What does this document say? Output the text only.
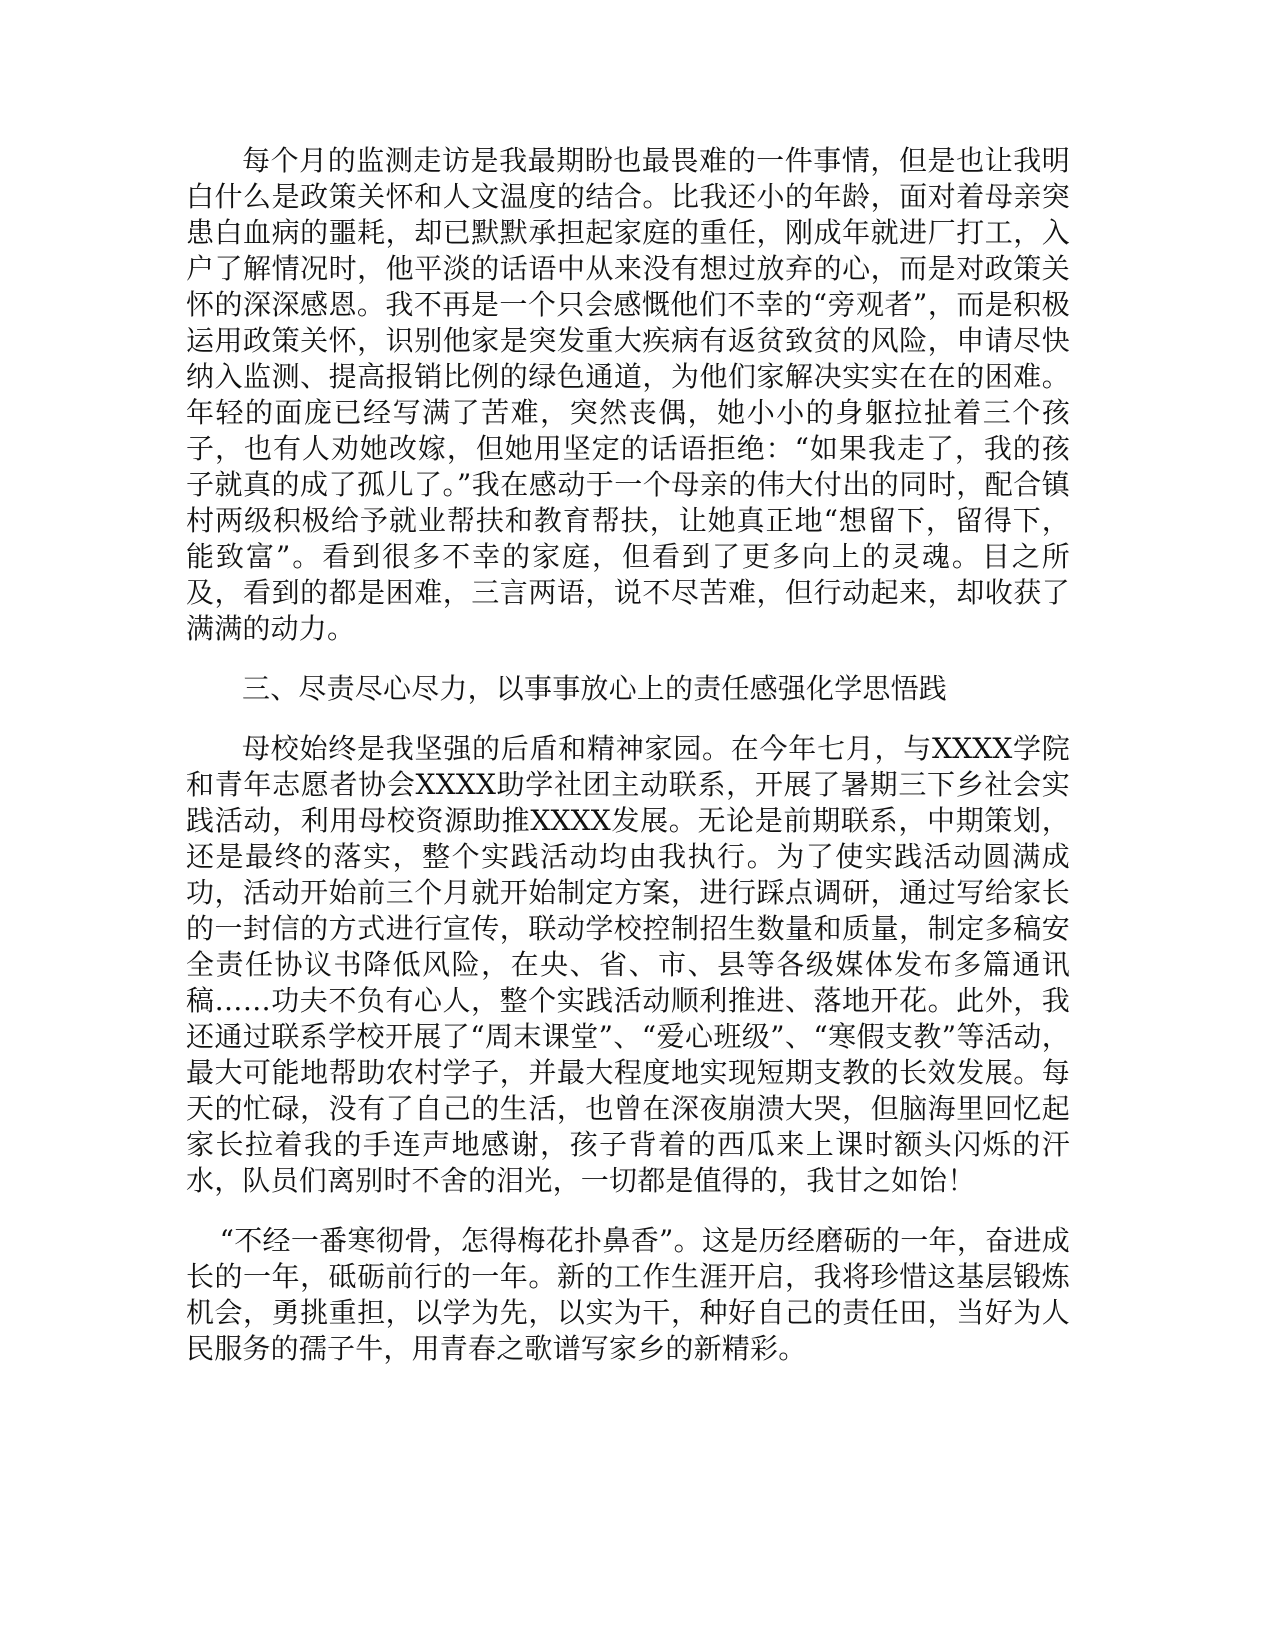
每个月的监测走访是我最期盼也最畏难的一件事情，但是也让我明白什么是政策关怀和人文温度的结合。比我还小的年龄，面对着母亲突患白血病的噩耗，却已默默承担起家庭的重任，刚成年就进厂打工，入户了解情况时，他平淡的话语中从来没有想过放弃的心，而是对政策关怀的深深感恩。我不再是一个只会感慨他们不幸的“旁观者”，而是积极运用政策关怀，识别他家是突发重大疾病有返贫致贫的风险，申请尽快纳入监测、提高报销比例的绿色通道，为他们家解决实实在在的困难。年轻的面庞已经写满了苦难，突然丧偶，她小小的身躯拉扯着三个孩子，也有人劝她改嫁，但她用坚定的话语拒绝：“如果我走了，我的孩子就真的成了孤儿了。”我在感动于一个母亲的伟大付出的同时，配合镇村两级积极给予就业帮扶和教育帮扶，让她真正地“想留下，留得下，能致富”。看到很多不幸的家庭，但看到了更多向上的灵魂。目之所及，看到的都是困难，三言两语，说不尽苦难，但行动起来，却收获了满满的动力。

三、尽责尽心尽力，以事事放心上的责任感强化学思悟践

母校始终是我坚强的后盾和精神家园。在今年七月，与XXXX学院和青年志愿者协会XXXX助学社团主动联系，开展了暑期三下乡社会实践活动，利用母校资源助推XXXX发展。无论是前期联系，中期策划，还是最终的落实，整个实践活动均由我执行。为了使实践活动圆满成功，活动开始前三个月就开始制定方案，进行踩点调研，通过写给家长的一封信的方式进行宣传，联动学校控制招生数量和质量，制定多稿安全责任协议书降低风险，在央、省、市、县等各级媒体发布多篇通讯稿……功夫不负有心人，整个实践活动顺利推进、落地开花。此外，我还通过联系学校开展了“周末课堂”、“爱心班级”、“寒假支教”等活动，最大可能地帮助农村学子，并最大程度地实现短期支教的长效发展。每天的忙碌，没有了自己的生活，也曾在深夜崩溃大哭，但脑海里回忆起家长拉着我的手连声地感谢，孩子背着的西瓜来上课时额头闪烁的汗水，队员们离别时不舍的泪光，一切都是值得的，我甘之如饴！

“不经一番寒彻骨，怎得梅花扑鼻香”。这是历经磨砺的一年，奋进成长的一年，砥砺前行的一年。新的工作生涯开启，我将珍惜这基层锻炼机会，勇挑重担，以学为先，以实为干，种好自己的责任田，当好为人民服务的孺子牛，用青春之歌谱写家乡的新精彩。
